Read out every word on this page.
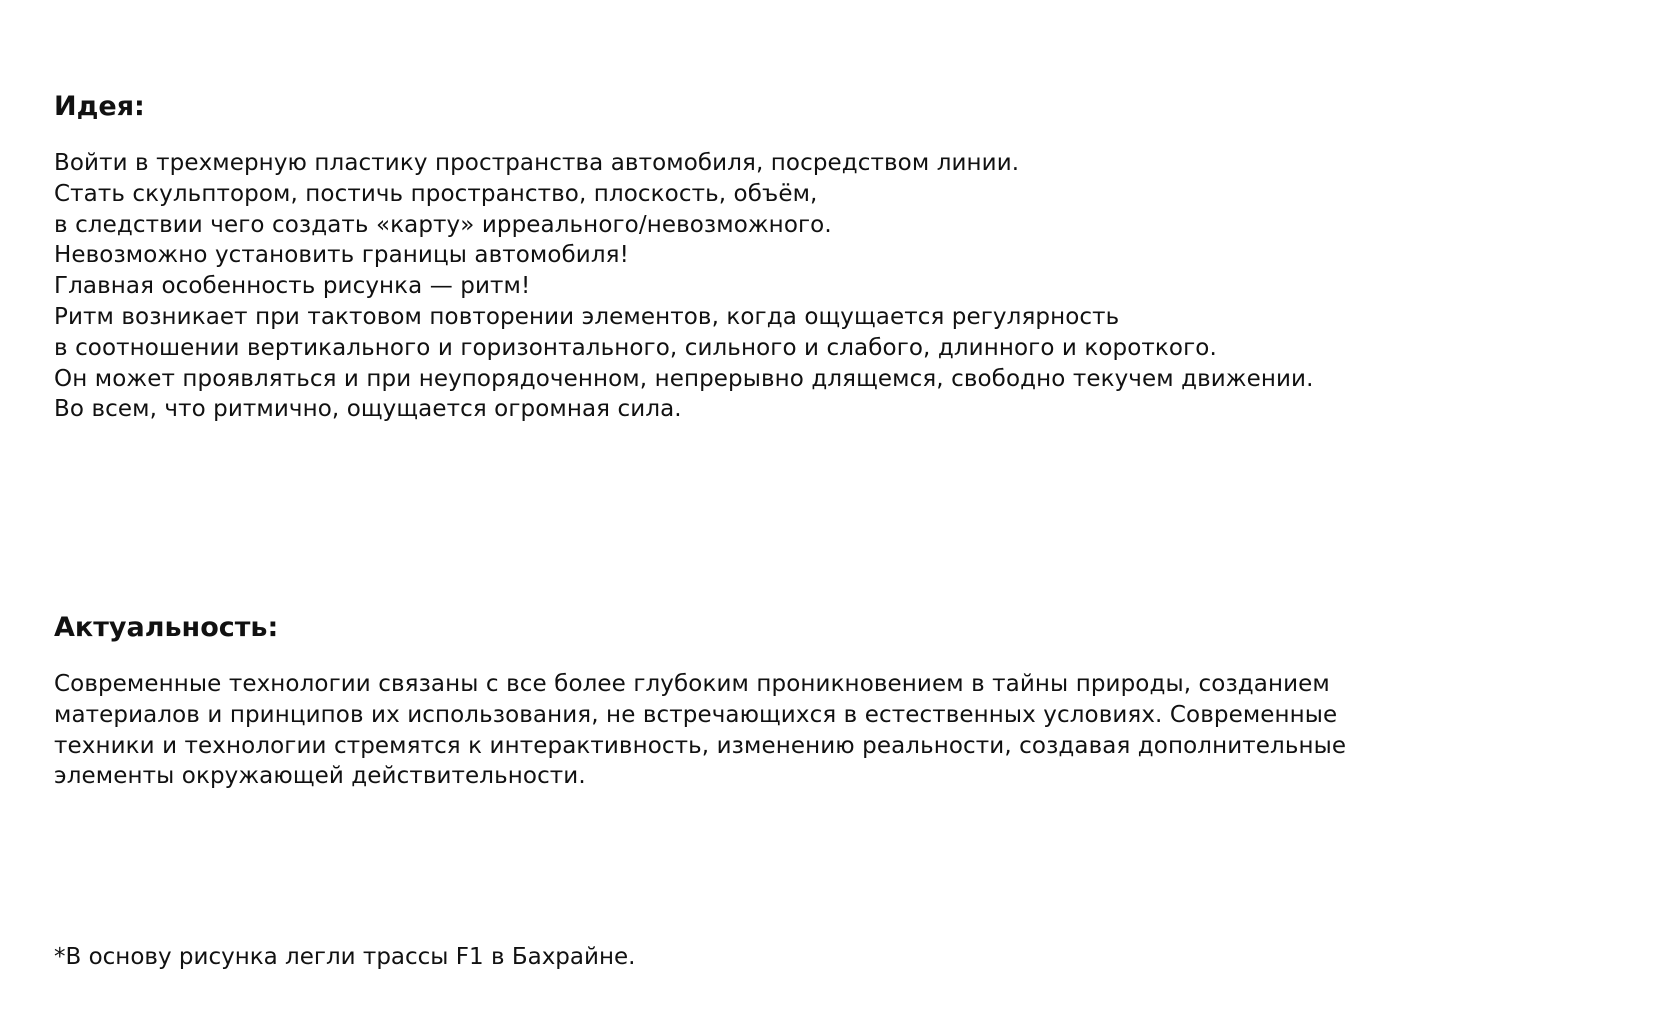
Идея:

Войти в трехмерную пластику пространства автомобиля, посредством линии.
Стать скульптором, постичь пространство, плоскость, объём,
в следствии чего создать «карту» ирреального/невозможного.
Невозможно установить границы автомобиля!
Главная особенность рисунка — ритм!
Ритм возникает при тактовом повторении элементов, когда ощущается регулярность
в соотношении вертикального и горизонтального, сильного и слабого, длинного и короткого.
Он может проявляться и при неупорядоченном, непрерывно длящемся, свободно текучем движении.
Во всем, что ритмично, ощущается огромная сила.

Актуальность:

Современные технологии связаны с все более глубоким проникновением в тайны природы, созданием
материалов и принципов их использования, не встречающихся в естественных условиях. Современные
техники и технологии стремятся к интерактивность, изменению реальности, создавая дополнительные
элементы окружающей действительности.

*В основу рисунка легли трассы F1 в Бахрайне.
